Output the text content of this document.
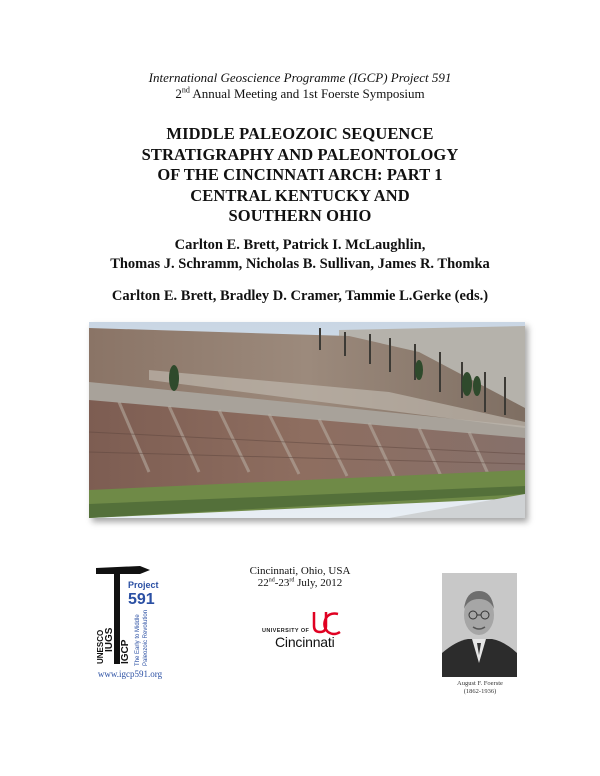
International Geoscience Programme (IGCP) Project 591
2nd Annual Meeting and 1st Foerste Symposium
MIDDLE PALEOZOIC SEQUENCE
STRATIGRAPHY AND PALEONTOLOGY
OF THE CINCINNATI ARCH: PART 1
CENTRAL KENTUCKY AND
SOUTHERN OHIO
Carlton E. Brett, Patrick I. McLaughlin,
Thomas J. Schramm, Nicholas B. Sullivan, James R. Thomka
Carlton E. Brett, Bradley D. Cramer, Tammie L.Gerke (eds.)
Project
591
IUGS
UNESCO IGCP The Early to Middle Paleozoic Revolution
www.igcp591.org
Cincinnati, Ohio, USA
22nd-23rd July, 2012
UNIVERSITY OF
Cincinnati
August F. Foerste
(1862-1936)
